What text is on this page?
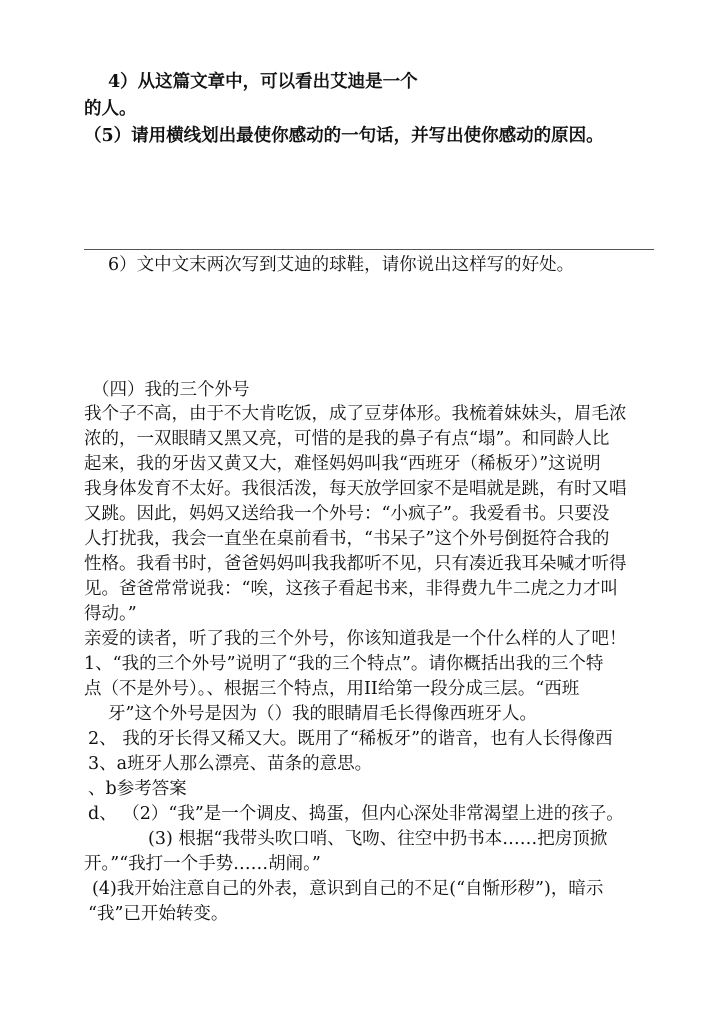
4）从这篇文章中，可以看出艾迪是一个
的人。
（5）请用横线划出最使你感动的一句话，并写出使你感动的原因。
6）文中文末两次写到艾迪的球鞋，请你说出这样写的好处。
（四）我的三个外号
我个子不高，由于不大肯吃饭，成了豆芽体形。我梳着妹妹头，眉毛浓
浓的，一双眼睛又黑又亮，可惜的是我的鼻子有点“塌”。和同龄人比
起来，我的牙齿又黄又大，难怪妈妈叫我“西班牙（稀板牙）”这说明
我身体发育不太好。我很活泼，每天放学回家不是唱就是跳，有时又唱
又跳。因此，妈妈又送给我一个外号：“小疯子”。我爱看书。只要没
人打扰我，我会一直坐在桌前看书，“书呆子”这个外号倒挺符合我的
性格。我看书时，爸爸妈妈叫我我都听不见，只有凑近我耳朵喊才听得
见。爸爸常常说我：“唉，这孩子看起书来，非得费九牛二虎之力才叫
得动。”
亲爱的读者，听了我的三个外号，你该知道我是一个什么样的人了吧！
1、“我的三个外号”说明了“我的三个特点”。请你概括出我的三个特
点（不是外号）。、根据三个特点，用II给第一段分成三层。“西班
牙”这个外号是因为（）我的眼睛眉毛长得像西班牙人。
2、 我的牙长得又稀又大。既用了“稀板牙”的谐音，也有人长得像西
3、a班牙人那么漂亮、苗条的意思。
、b参考答案
d、 （2）“我”是一个调皮、捣蛋，但内心深处非常渴望上进的孩子。
(3) 根据“我带头吹口哨、飞吻、往空中扔书本……把房顶掀
开。”“我打一个手势……胡闹。”
(4)我开始注意自己的外表，意识到自己的不足(“自惭形秽”)，暗示
“我”已开始转变。
